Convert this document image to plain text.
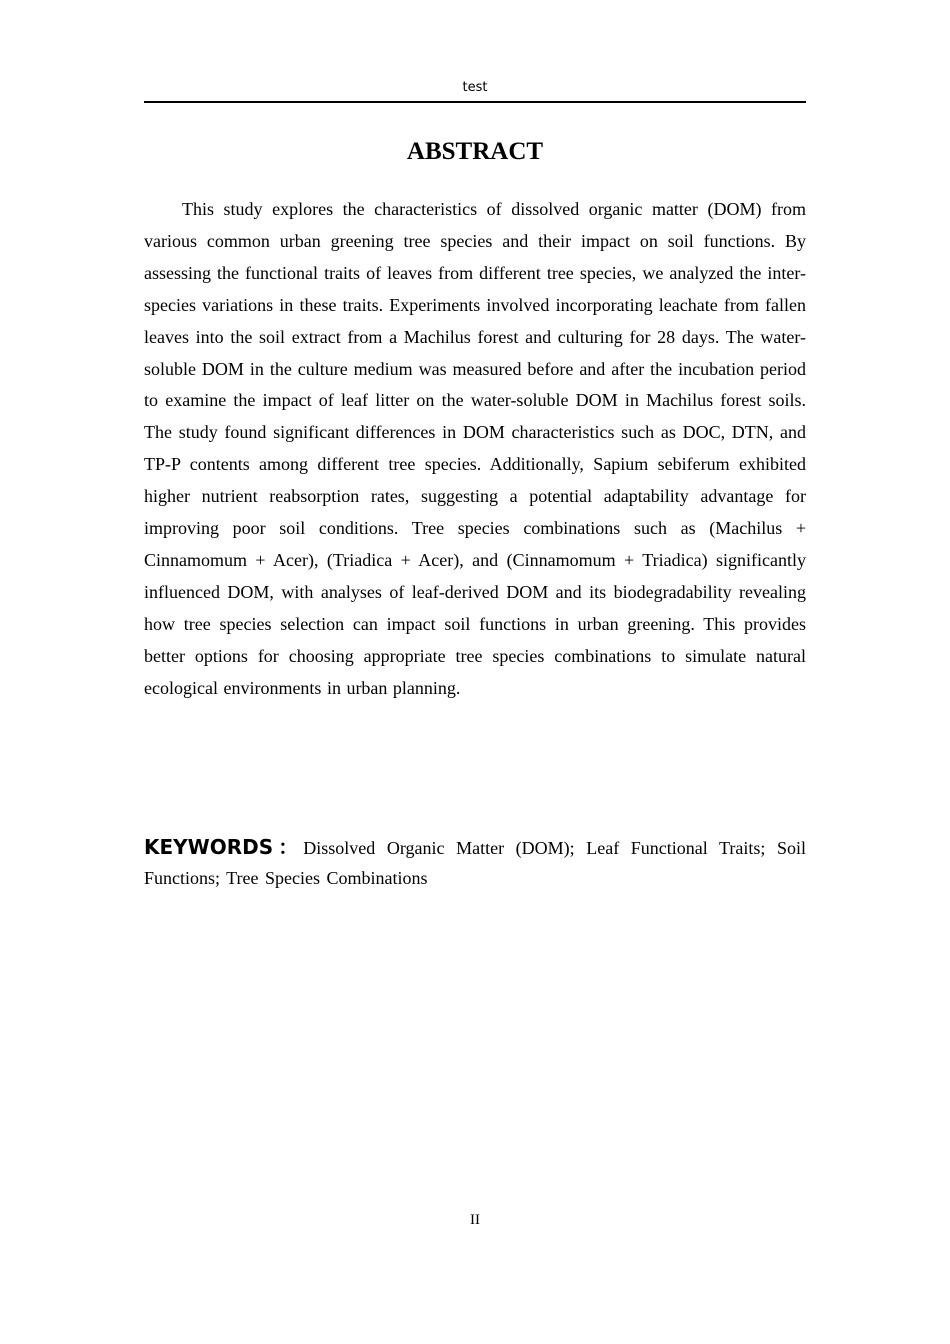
test
ABSTRACT

This study explores the characteristics of dissolved organic matter (DOM) from various common urban greening tree species and their impact on soil functions. By assessing the functional traits of leaves from different tree species, we analyzed the inter-species variations in these traits. Experiments involved incorporating leachate from fallen leaves into the soil extract from a Machilus forest and culturing for 28 days. The water-soluble DOM in the culture medium was measured before and after the incubation period to examine the impact of leaf litter on the water-soluble DOM in Machilus forest soils. The study found significant differences in DOM characteristics such as DOC, DTN, and TP-P contents among different tree species. Additionally, Sapium sebiferum exhibited higher nutrient reabsorption rates, suggesting a potential adaptability advantage for improving poor soil conditions. Tree species combinations such as (Machilus + Cinnamomum + Acer), (Triadica + Acer), and (Cinnamomum + Triadica) significantly influenced DOM, with analyses of leaf-derived DOM and its biodegradability revealing how tree species selection can impact soil functions in urban greening. This provides better options for choosing appropriate tree species combinations to simulate natural ecological environments in urban planning.

KEYWORDS：Dissolved Organic Matter (DOM); Leaf Functional Traits; Soil Functions; Tree Species Combinations

II
